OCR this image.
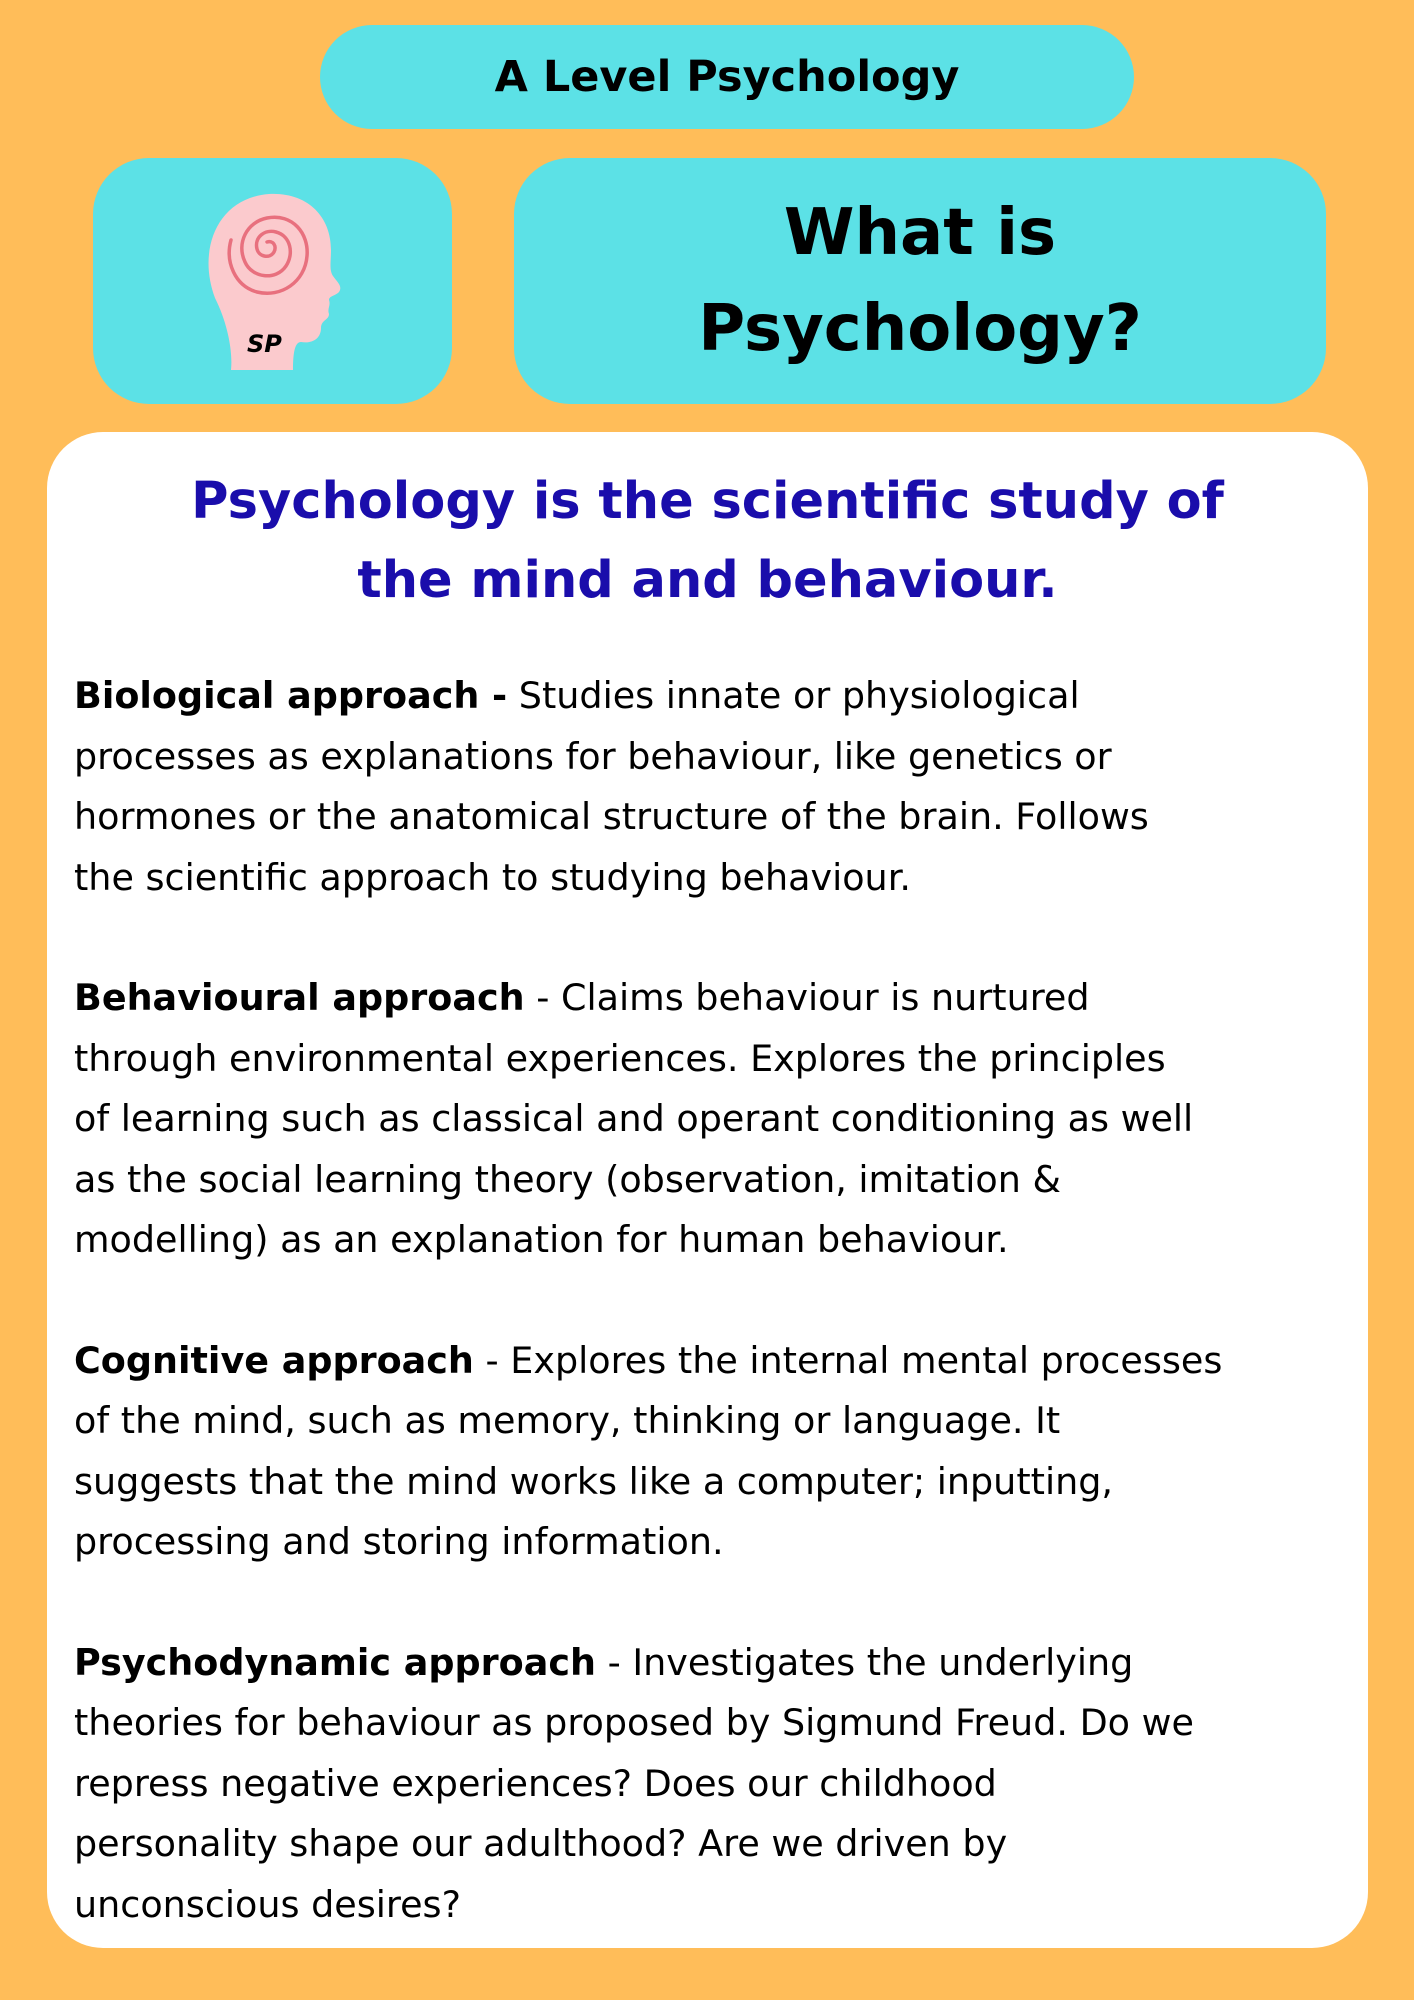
A Level Psychology
SP
What is
Psychology?
Psychology is the scientific study of
the mind and behaviour.
Biological approach - Studies innate or physiological
processes as explanations for behaviour, like genetics or
hormones or the anatomical structure of the brain. Follows
the scientific approach to studying behaviour.
Behavioural approach - Claims behaviour is nurtured
through environmental experiences. Explores the principles
of learning such as classical and operant conditioning as well
as the social learning theory (observation, imitation &
modelling) as an explanation for human behaviour.
Cognitive approach - Explores the internal mental processes
of the mind, such as memory, thinking or language. It
suggests that the mind works like a computer; inputting,
processing and storing information.
Psychodynamic approach - Investigates the underlying
theories for behaviour as proposed by Sigmund Freud. Do we
repress negative experiences? Does our childhood
personality shape our adulthood? Are we driven by
unconscious desires?
